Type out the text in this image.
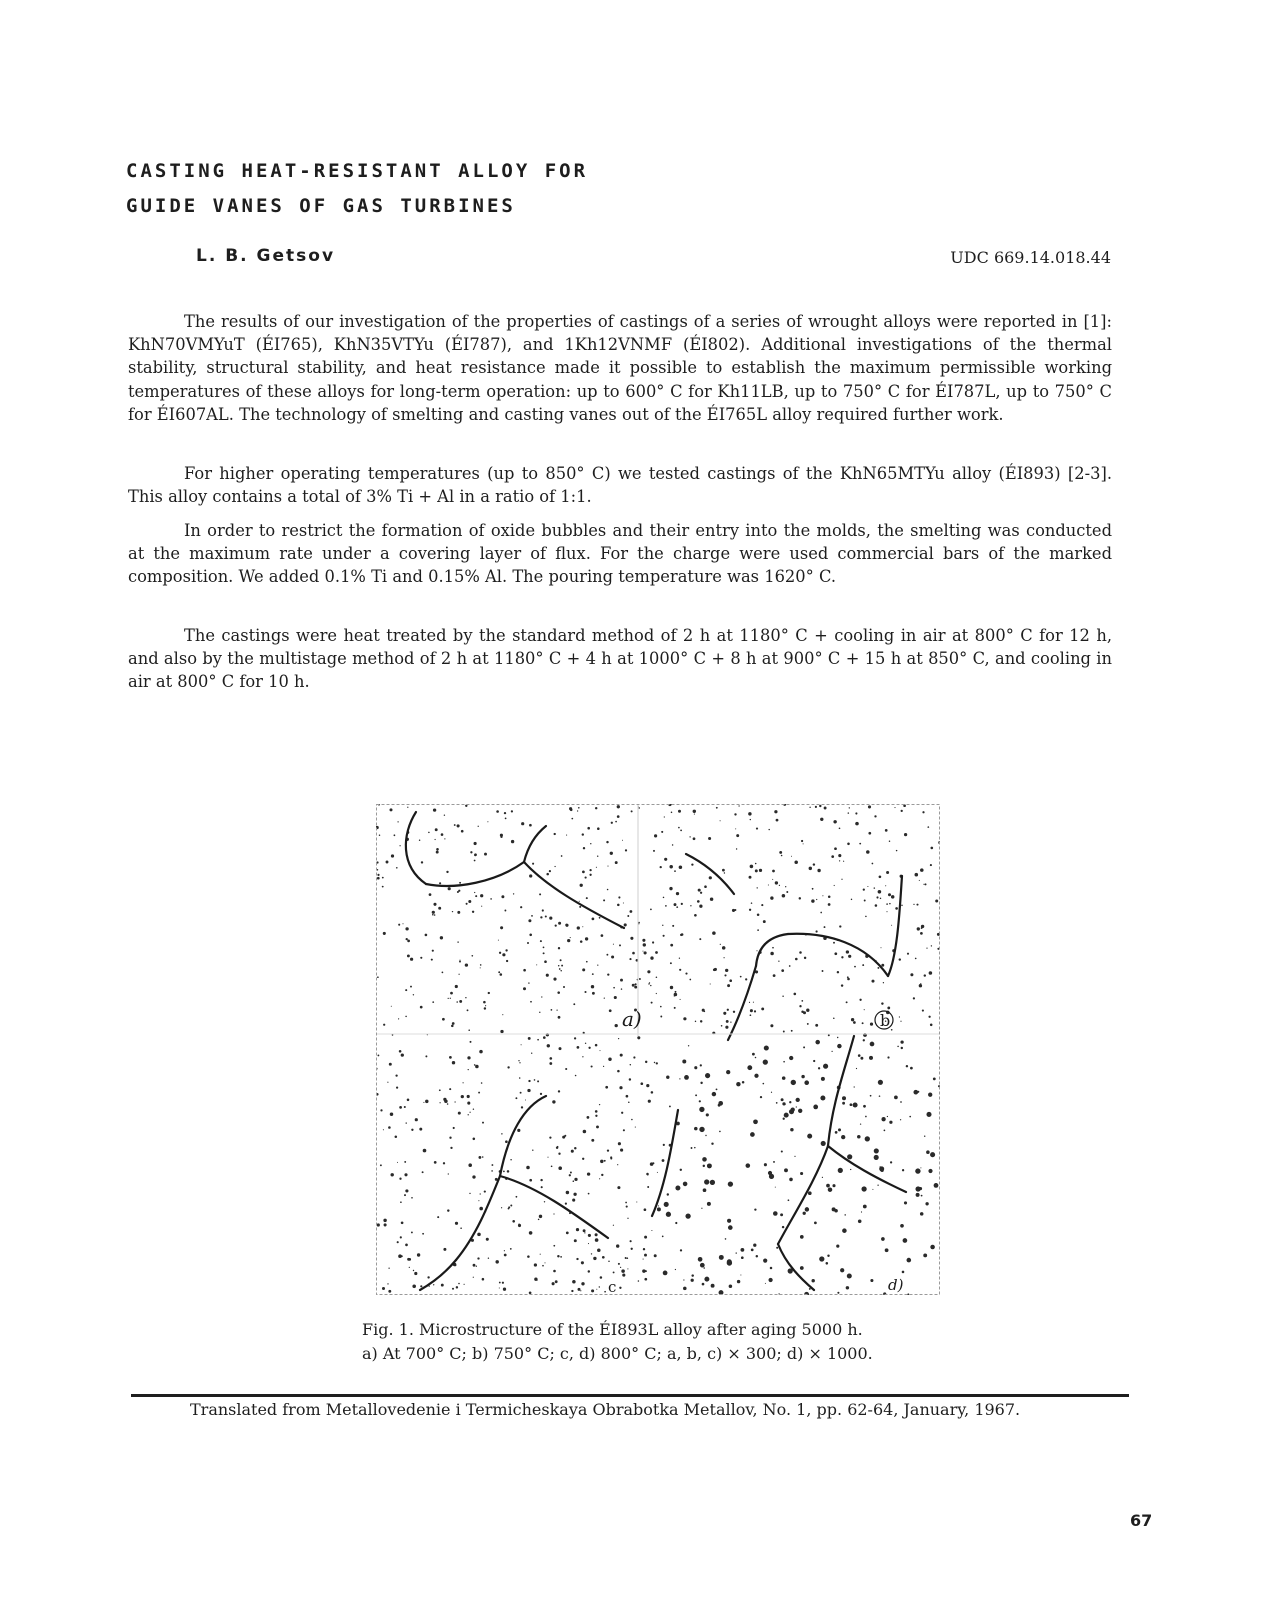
CASTING HEAT-RESISTANT ALLOY FOR
GUIDE VANES OF GAS TURBINES
L. B. Getsov	UDC 669.14.018.44

The results of our investigation of the properties of castings of a series of wrought alloys were reported in [1]: KhN70VMYuT (ÉI765), KhN35VTYu (ÉI787), and 1Kh12VNMF (ÉI802). Additional investigations of the thermal stability, structural stability, and heat resistance made it possible to establish the maximum permissible working temperatures of these alloys for long-term operation: up to 600° C for Kh11LB, up to 750° C for ÉI787L, up to 750° C for ÉI607AL. The technology of smelting and casting vanes out of the ÉI765L alloy required further work.

For higher operating temperatures (up to 850° C) we tested castings of the KhN65MTYu alloy (ÉI893) [2-3]. This alloy contains a total of 3% Ti + Al in a ratio of 1:1.

In order to restrict the formation of oxide bubbles and their entry into the molds, the smelting was conducted at the maximum rate under a covering layer of flux. For the charge were used commercial bars of the marked composition. We added 0.1% Ti and 0.15% Al. The pouring temperature was 1620° C.

The castings were heat treated by the standard method of 2 h at 1180° C + cooling in air at 800° C for 12 h, and also by the multistage method of 2 h at 1180° C + 4 h at 1000° C + 8 h at 900° C + 15 h at 850° C, and cooling in air at 800° C for 10 h.

a)	b
c	d)
Fig. 1. Microstructure of the ÉI893L alloy after aging 5000 h.
a) At 700° C; b) 750° C; c, d) 800° C; a, b, c) × 300; d) × 1000.

Translated from Metallovedenie i Termicheskaya Obrabotka Metallov, No. 1, pp. 62-64, January, 1967.

67
